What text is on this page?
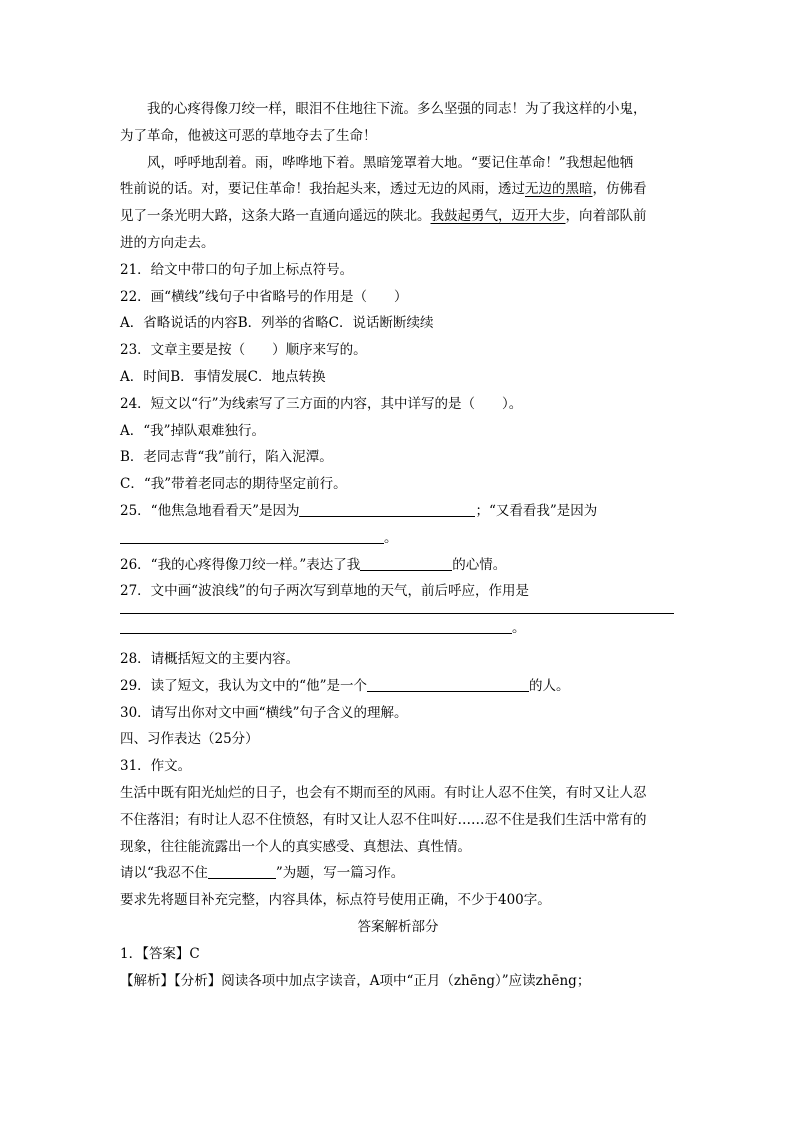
我的心疼得像刀绞一样，眼泪不住地往下流。多么坚强的同志！为了我这样的小鬼，
为了革命，他被这可恶的草地夺去了生命！
风，呼呼地刮着。雨，哗哗地下着。黑暗笼罩着大地。“要记住革命！”我想起他牺
牲前说的话。对，要记住革命！我抬起头来，透过无边的风雨，透过无边的黑暗，仿佛看
见了一条光明大路，这条大路一直通向遥远的陕北。我鼓起勇气，迈开大步，向着部队前
进的方向走去。
21．给文中带口的句子加上标点符号。
22．画“横线”线句子中省略号的作用是（　　）
A．省略说话的内容B．列举的省略C．说话断断续续
23．文章主要是按（　　）顺序来写的。
A．时间B．事情发展C．地点转换
24．短文以“行”为线索写了三方面的内容，其中详写的是（　　）。
A．“我”掉队艰难独行。
B．老同志背“我”前行，陷入泥潭。
C．“我”带着老同志的期待坚定前行。
25．“他焦急地看看天”是因为	；“又看看我”是因为
。
26．“我的心疼得像刀绞一样。”表达了我	的心情。
27．文中画“波浪线”的句子两次写到草地的天气，前后呼应，作用是
。
28．请概括短文的主要内容。
29．读了短文，我认为文中的“他”是一个	的人。
30．请写出你对文中画“横线”句子含义的理解。
四、习作表达（25分）
31．作文。
生活中既有阳光灿烂的日子，也会有不期而至的风雨。有时让人忍不住笑，有时又让人忍
不住落泪；有时让人忍不住愤怒，有时又让人忍不住叫好……忍不住是我们生活中常有的
现象，往往能流露出一个人的真实感受、真想法、真性情。
请以“我忍不住	”为题，写一篇习作。
要求先将题目补充完整，内容具体，标点符号使用正确，不少于400字。
答案解析部分
1．【答案】C
【解析】【分析】阅读各项中加点字读音，A项中“正月（zhēng）”应读zhēng；
